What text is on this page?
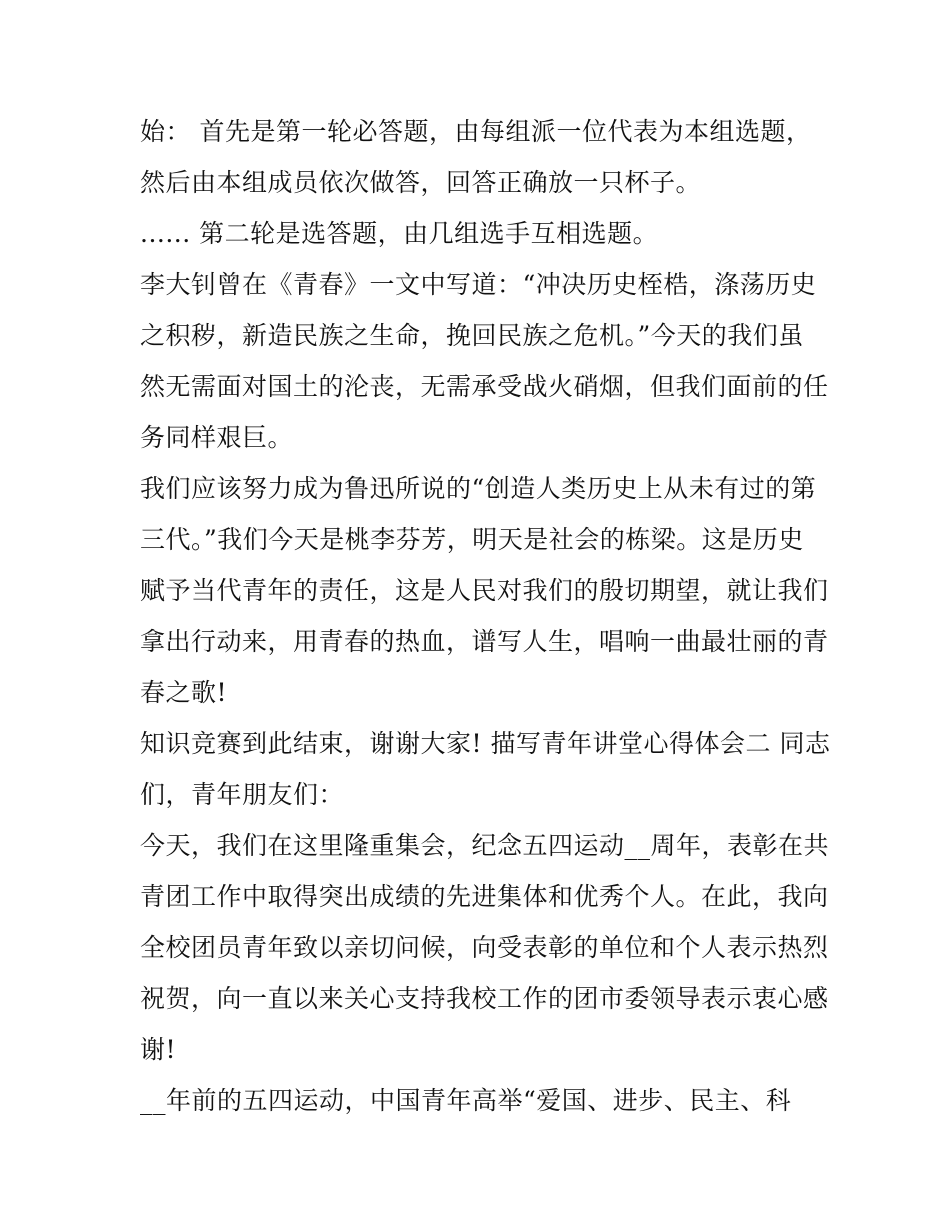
始： 首先是第一轮必答题，由每组派一位代表为本组选题，
然后由本组成员依次做答，回答正确放一只杯子。
...... 第二轮是选答题，由几组选手互相选题。
李大钊曾在《青春》一文中写道：“冲决历史桎梏，涤荡历史
之积秽，新造民族之生命，挽回民族之危机。”今天的我们虽
然无需面对国土的沦丧，无需承受战火硝烟，但我们面前的任
务同样艰巨。
我们应该努力成为鲁迅所说的“创造人类历史上从未有过的第
三代。”我们今天是桃李芬芳，明天是社会的栋梁。这是历史
赋予当代青年的责任，这是人民对我们的殷切期望，就让我们
拿出行动来，用青春的热血，谱写人生，唱响一曲最壮丽的青
春之歌!
知识竞赛到此结束，谢谢大家! 描写青年讲堂心得体会二 同志
们，青年朋友们：
今天，我们在这里隆重集会，纪念五四运动__周年，表彰在共
青团工作中取得突出成绩的先进集体和优秀个人。在此，我向
全校团员青年致以亲切问候，向受表彰的单位和个人表示热烈
祝贺，向一直以来关心支持我校工作的团市委领导表示衷心感
谢!
__年前的五四运动，中国青年高举“爱国、进步、民主、科
